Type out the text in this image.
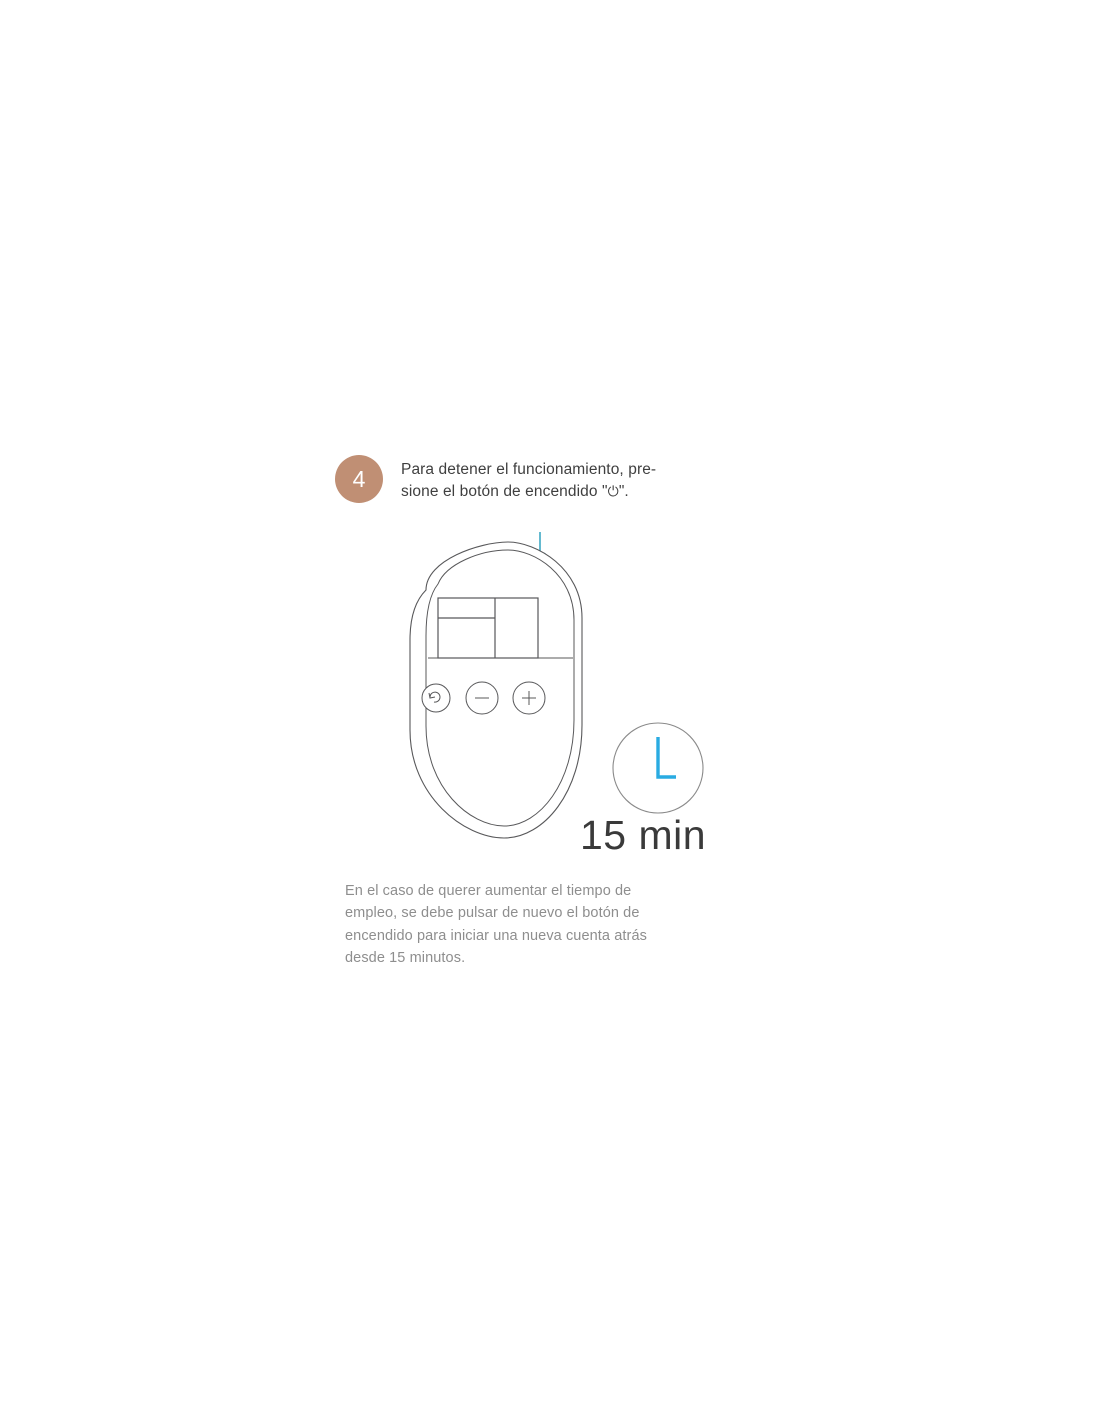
4	Para detener el funcionamiento, pre-
sione el botón de encendido "⏻".
15 min
En el caso de querer aumentar el tiempo de
empleo, se debe pulsar de nuevo el botón de
encendido para iniciar una nueva cuenta atrás
desde 15 minutos.
